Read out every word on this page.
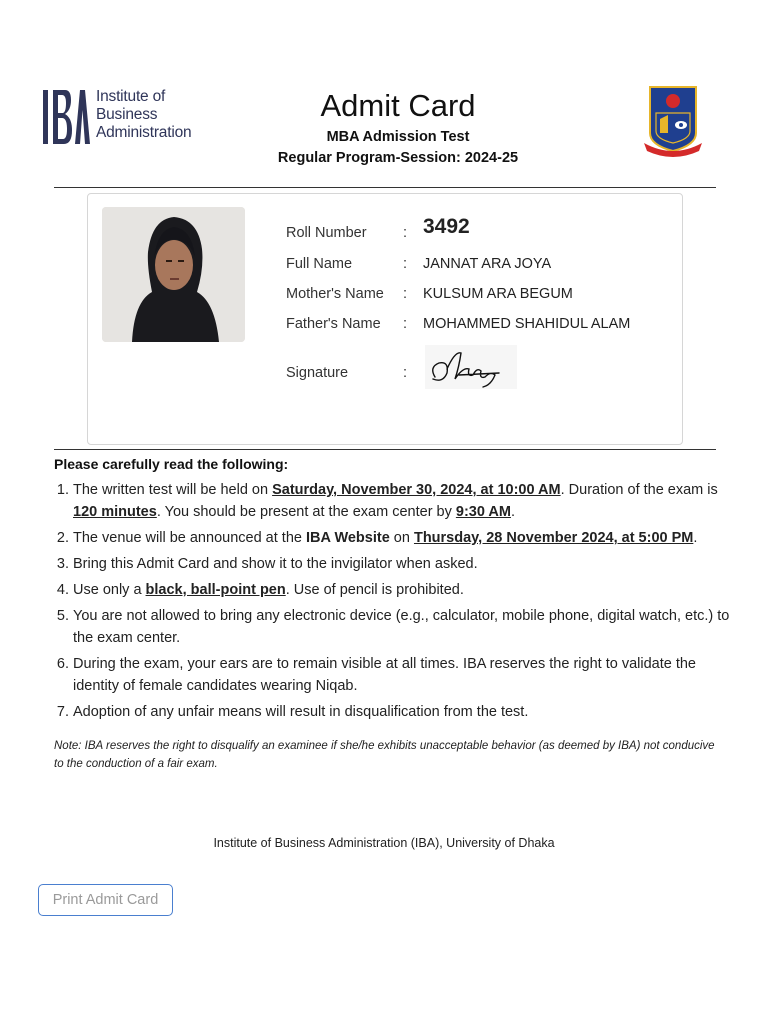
Institute of
Business
Administration
Admit Card
MBA Admission Test
Regular Program-Session: 2024-25
Roll Number	: 3492
Full Name	: JANNAT ARA JOYA
Mother's Name : KULSUM ARA BEGUM
Father's Name : MOHAMMED SHAHIDUL ALAM
Signature	:
Please carefully read the following:
1. The written test will be held on Saturday, November 30, 2024, at 10:00 AM. Duration of the exam is 120 minutes. You should be present at the exam center by 9:30 AM.
2. The venue will be announced at the IBA Website on Thursday, 28 November 2024, at 5:00 PM.
3. Bring this Admit Card and show it to the invigilator when asked.
4. Use only a black, ball-point pen. Use of pencil is prohibited.
5. You are not allowed to bring any electronic device (e.g., calculator, mobile phone, digital watch, etc.) to the exam center.
6. During the exam, your ears are to remain visible at all times. IBA reserves the right to validate the identity of female candidates wearing Niqab.
7. Adoption of any unfair means will result in disqualification from the test.
Note: IBA reserves the right to disqualify an examinee if she/he exhibits unacceptable behavior (as deemed by IBA) not conducive to the conduction of a fair exam.
Institute of Business Administration (IBA), University of Dhaka
Print Admit Card
